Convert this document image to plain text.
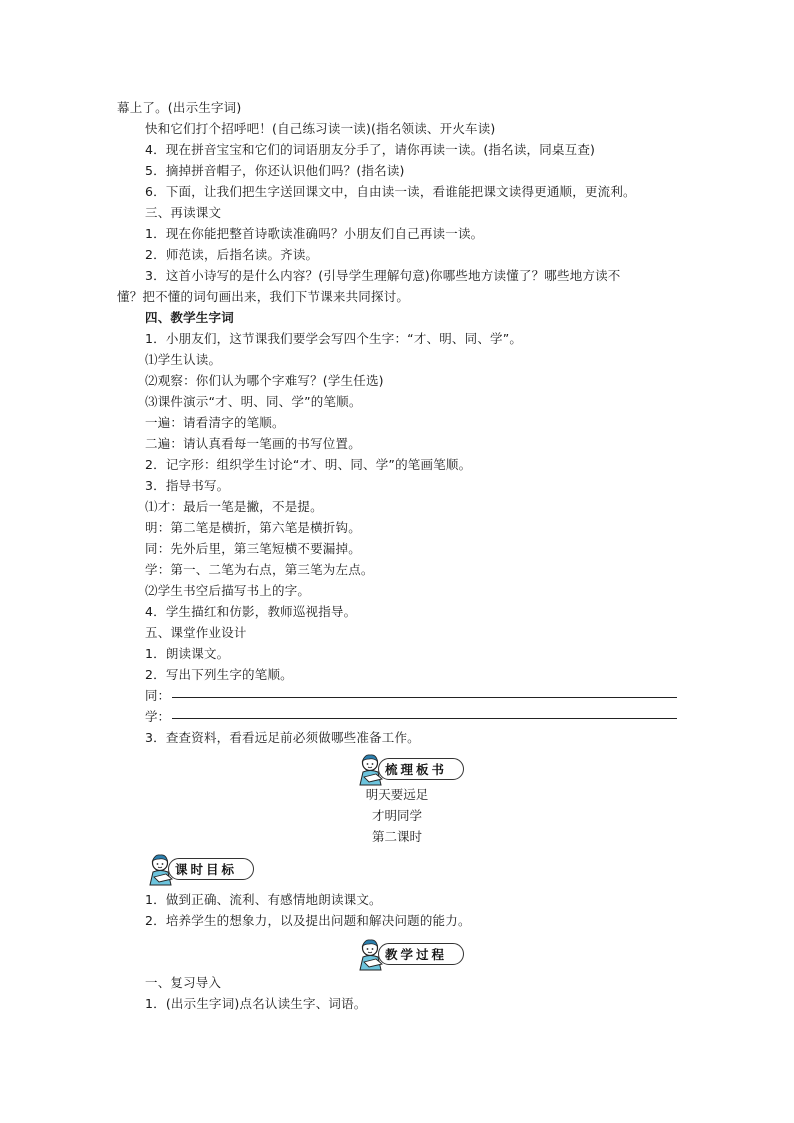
幕上了。(出示生字词)
快和它们打个招呼吧！(自己练习读一读)(指名领读、开火车读)
4．现在拼音宝宝和它们的词语朋友分手了，请你再读一读。(指名读，同桌互查)
5．摘掉拼音帽子，你还认识他们吗？(指名读)
6．下面，让我们把生字送回课文中，自由读一读，看谁能把课文读得更通顺，更流利。
三、再读课文
1．现在你能把整首诗歌读准确吗？小朋友们自己再读一读。
2．师范读，后指名读。齐读。
3．这首小诗写的是什么内容？(引导学生理解句意)你哪些地方读懂了？哪些地方读不
懂？把不懂的词句画出来，我们下节课来共同探讨。
四、教学生字词
1．小朋友们，这节课我们要学会写四个生字：“才、明、同、学”。
⑴学生认读。
⑵观察：你们认为哪个字难写？(学生任选)
⑶课件演示“才、明、同、学”的笔顺。
一遍：请看清字的笔顺。
二遍：请认真看每一笔画的书写位置。
2．记字形：组织学生讨论“才、明、同、学”的笔画笔顺。
3．指导书写。
⑴才：最后一笔是撇，不是提。
明：第二笔是横折，第六笔是横折钩。
同：先外后里，第三笔短横不要漏掉。
学：第一、二笔为右点，第三笔为左点。
⑵学生书空后描写书上的字。
4．学生描红和仿影，教师巡视指导。
五、课堂作业设计
1．朗读课文。
2．写出下列生字的笔顺。
同：
学：
3．查查资料，看看远足前必须做哪些准备工作。
梳理板书
明天要远足
才明同学
第二课时
课时目标
1．做到正确、流利、有感情地朗读课文。
2．培养学生的想象力，以及提出问题和解决问题的能力。
教学过程
一、复习导入
1．(出示生字词)点名认读生字、词语。
